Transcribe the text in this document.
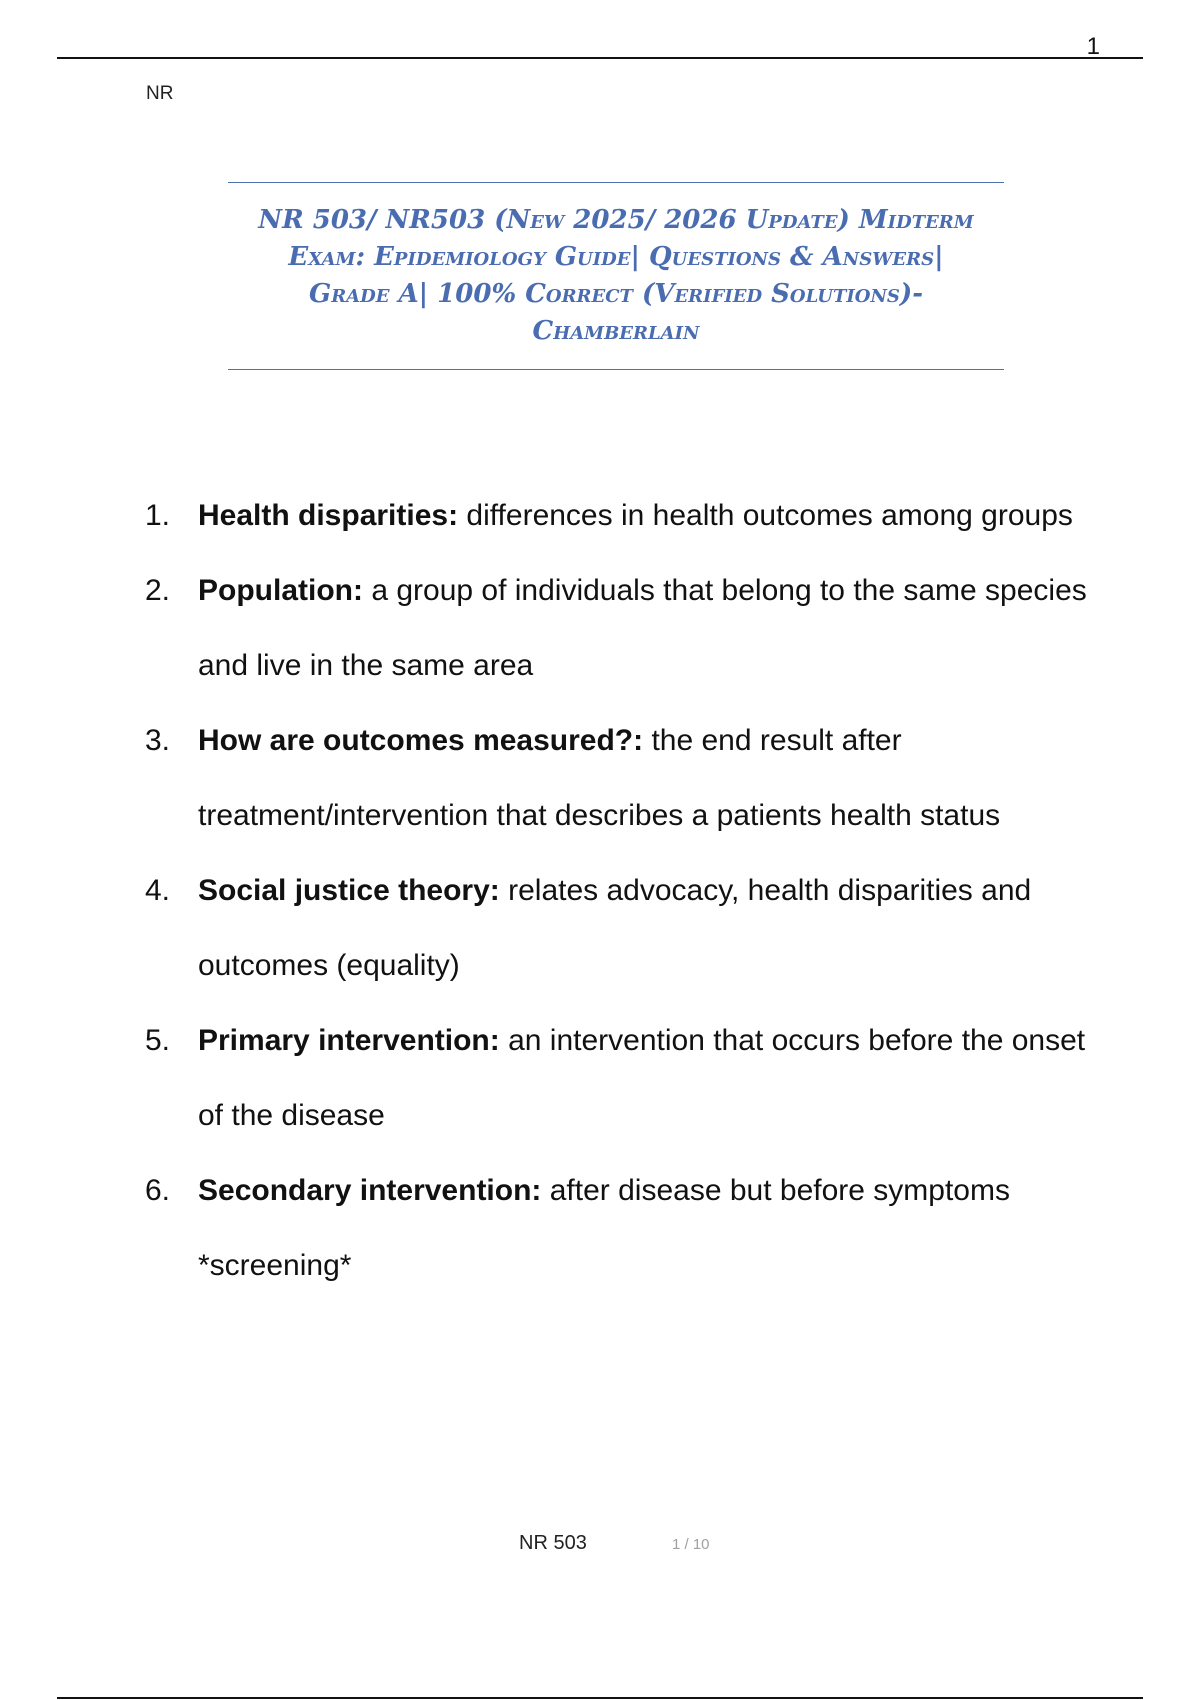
1
NR
NR 503/ NR503 (New 2025/ 2026 Update) Midterm Exam: Epidemiology Guide| Questions & Answers| Grade A| 100% Correct (Verified Solutions)- Chamberlain
1. Health disparities: differences in health outcomes among groups
2. Population: a group of individuals that belong to the same species and live in the same area
3. How are outcomes measured?: the end result after treatment/intervention that describes a patients health status
4. Social justice theory: relates advocacy, health disparities and outcomes (equality)
5. Primary intervention: an intervention that occurs before the onset of the disease
6. Secondary intervention: after disease but before symptoms *screening*
NR 503	1 / 10
